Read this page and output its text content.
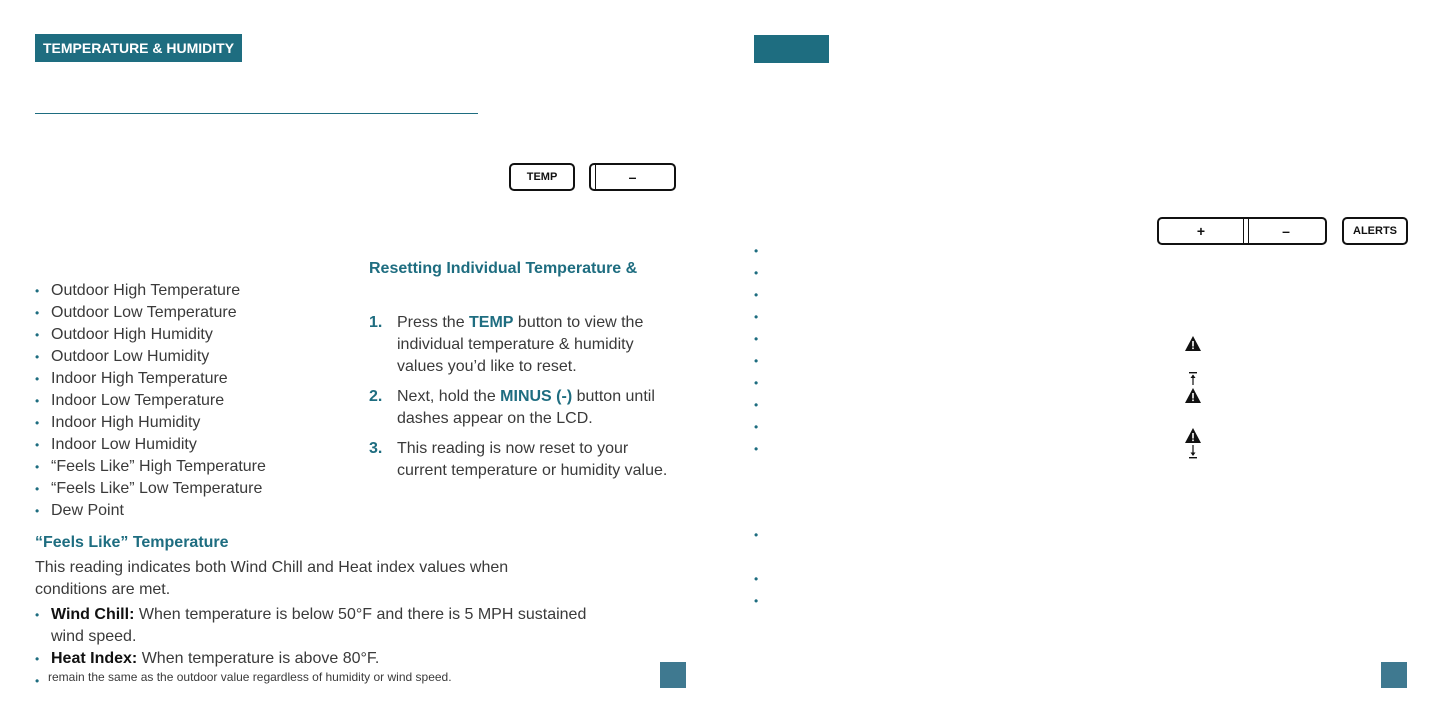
TEMPERATURE & HUMIDITY
TEMP	–
• Outdoor High Temperature
• Outdoor Low Temperature
• Outdoor High Humidity
• Outdoor Low Humidity
• Indoor High Temperature
• Indoor Low Temperature
• Indoor High Humidity
• Indoor Low Humidity
• “Feels Like” High Temperature
• “Feels Like” Low Temperature
• Dew Point
Resetting Individual Temperature &
1. Press the TEMP button to view the individual temperature & humidity values you’d like to reset.
2. Next, hold the MINUS (-) button until dashes appear on the LCD.
3. This reading is now reset to your current temperature or humidity value.
“Feels Like” Temperature
This reading indicates both Wind Chill and Heat index values when conditions are met.
• Wind Chill: When temperature is below 50°F and there is 5 MPH sustained wind speed.
• Heat Index: When temperature is above 80°F.
•
remain the same as the outdoor value regardless of humidity or wind speed.
+	–	ALERTS
•
•
•
•
•
•
•
•
•
•
•
•
•
